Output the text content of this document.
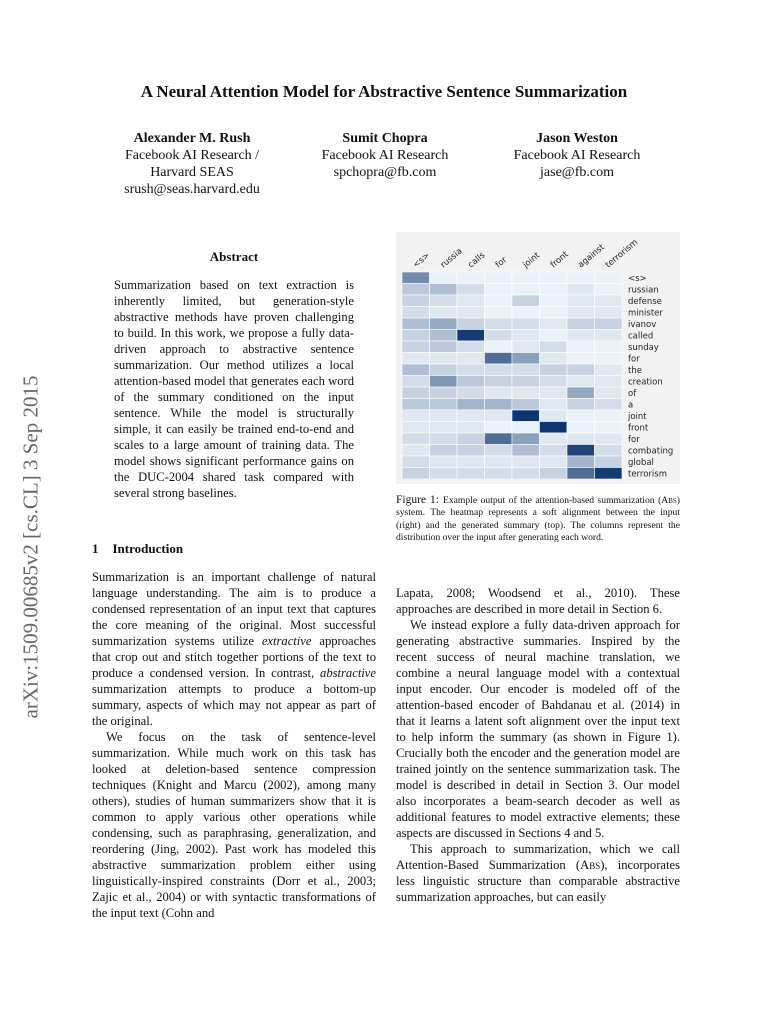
arXiv:1509.00685v2 [cs.CL] 3 Sep 2015
A Neural Attention Model for Abstractive Sentence Summarization
Alexander M. Rush
Facebook AI Research /
Harvard SEAS
srush@seas.harvard.edu
Sumit Chopra
Facebook AI Research
spchopra@fb.com
Jason Weston
Facebook AI Research
jase@fb.com
Abstract

Summarization based on text extraction is inherently limited, but generation-style abstractive methods have proven challenging to build. In this work, we propose a fully data-driven approach to abstractive sentence summarization. Our method utilizes a local attention-based model that generates each word of the summary conditioned on the input sentence. While the model is structurally simple, it can easily be trained end-to-end and scales to a large amount of training data. The model shows significant performance gains on the DUC-2004 shared task compared with several strong baselines.

1 Introduction

Summarization is an important challenge of natural language understanding. The aim is to produce a condensed representation of an input text that captures the core meaning of the original. Most successful summarization systems utilize extractive approaches that crop out and stitch together portions of the text to produce a condensed version. In contrast, abstractive summarization attempts to produce a bottom-up summary, aspects of which may not appear as part of the original.

We focus on the task of sentence-level summarization. While much work on this task has looked at deletion-based sentence compression techniques (Knight and Marcu (2002), among many others), studies of human summarizers show that it is common to apply various other operations while condensing, such as paraphrasing, generalization, and reordering (Jing, 2002). Past work has modeled this abstractive summarization problem either using linguistically-inspired constraints (Dorr et al., 2003; Zajic et al., 2004) or with syntactic transformations of the input text (Cohn and

<s> russia calls for joint front against
terrorism
<s>
russian
defense
minister
ivanov
called
sunday
for
the
creation
of
a
joint
front
for
combating
global
terrorism
Figure 1: Example output of the attention-based summarization (Abs) system. The heatmap represents a soft alignment between the input (right) and the generated summary (top). The columns represent the distribution over the input after generating each word.

Lapata, 2008; Woodsend et al., 2010). These approaches are described in more detail in Section 6.

We instead explore a fully data-driven approach for generating abstractive summaries. Inspired by the recent success of neural machine translation, we combine a neural language model with a contextual input encoder. Our encoder is modeled off of the attention-based encoder of Bahdanau et al. (2014) in that it learns a latent soft alignment over the input text to help inform the summary (as shown in Figure 1). Crucially both the encoder and the generation model are trained jointly on the sentence summarization task. The model is described in detail in Section 3. Our model also incorporates a beam-search decoder as well as additional features to model extractive elements; these aspects are discussed in Sections 4 and 5.

This approach to summarization, which we call Attention-Based Summarization (Abs), incorporates less linguistic structure than comparable abstractive summarization approaches, but can easily
